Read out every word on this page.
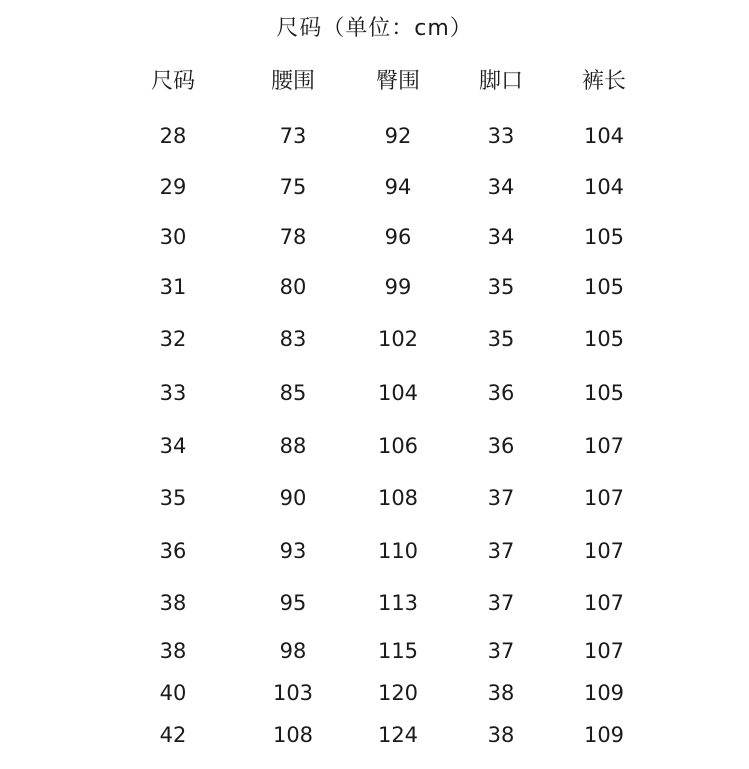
尺码（单位：cm）
尺码	腰围	臀围	脚口	裤长
28	73	92	33	104
29	75	94	34	104
30	78	96	34	105
31	80	99	35	105
32	83	102	35	105
33	85	104	36	105
34	88	106	36	107
35	90	108	37	107
36	93	110	37	107
38	95	113	37	107
38	98	115	37	107
40	103	120	38	109
42	108	124	38	109
